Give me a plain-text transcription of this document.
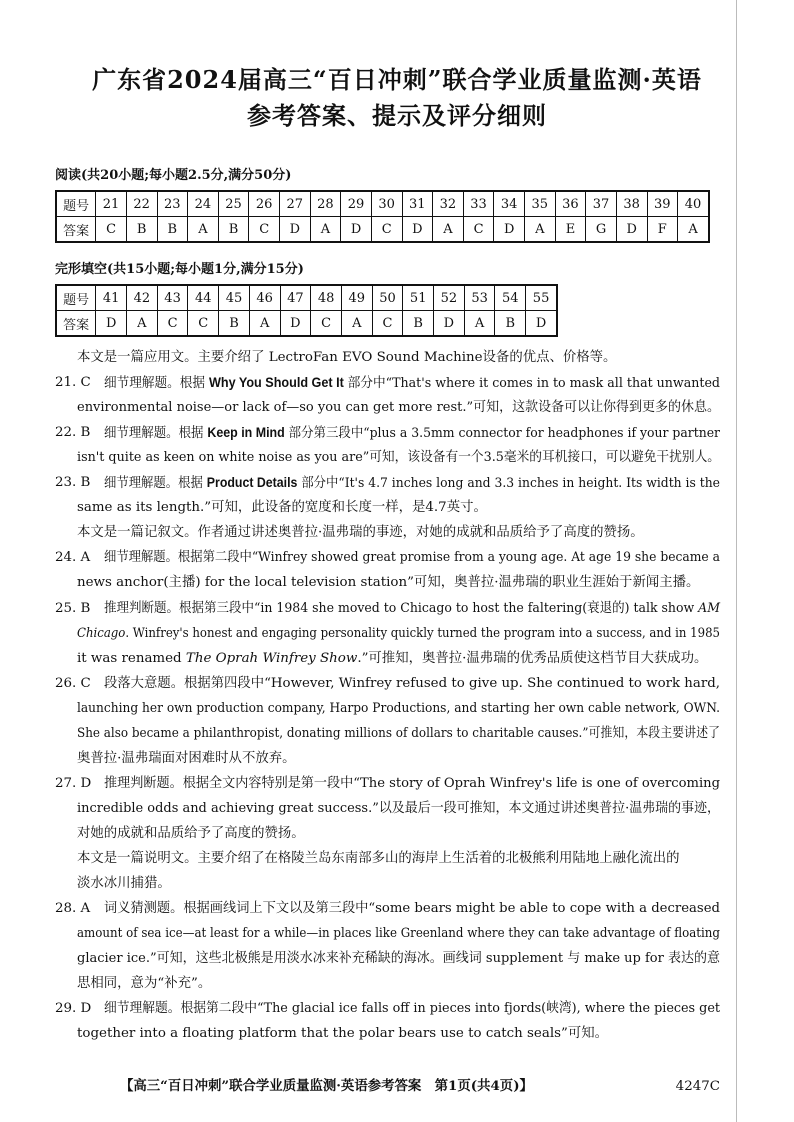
广东省2024届高三“百日冲刺”联合学业质量监测·英语
参考答案、提示及评分细则
阅读(共20小题;每小题2.5分,满分50分)
题号	21	22	23	24	25	26	27	28	29	30	31	32	33	34	35	36	37	38	39	40
答案	C	B	B	A	B	C	D	A	D	C	D	A	C	D	A	E	G	D	F	A
完形填空(共15小题;每小题1分,满分15分)
题号	41	42	43	44	45	46	47	48	49	50	51	52	53	54	55
答案	D	A	C	C	B	A	D	C	A	C	B	D	A	B	D
本文是一篇应用文。主要介绍了 LectroFan EVO Sound Machine设备的优点、价格等。
21. C 细节理解题。根据 Why You Should Get It 部分中“That's where it comes in to mask all that unwanted
environmental noise—or lack of—so you can get more rest.”可知，这款设备可以让你得到更多的休息。
22. B 细节理解题。根据 Keep in Mind 部分第三段中“plus a 3.5mm connector for headphones if your partner
isn't quite as keen on white noise as you are”可知，该设备有一个3.5毫米的耳机接口，可以避免干扰别人。
23. B 细节理解题。根据 Product Details 部分中“It's 4.7 inches long and 3.3 inches in height. Its width is the
same as its length.”可知，此设备的宽度和长度一样，是4.7英寸。
本文是一篇记叙文。作者通过讲述奥普拉·温弗瑞的事迹，对她的成就和品质给予了高度的赞扬。
24. A 细节理解题。根据第二段中“Winfrey showed great promise from a young age. At age 19 she became a
news anchor(主播) for the local television station”可知，奥普拉·温弗瑞的职业生涯始于新闻主播。
25. B 推理判断题。根据第三段中“in 1984 she moved to Chicago to host the faltering(衰退的) talk show AM
Chicago. Winfrey's honest and engaging personality quickly turned the program into a success, and in 1985
it was renamed The Oprah Winfrey Show.”可推知，奥普拉·温弗瑞的优秀品质使这档节目大获成功。
26. C 段落大意题。根据第四段中“However, Winfrey refused to give up. She continued to work hard,
launching her own production company, Harpo Productions, and starting her own cable network, OWN.
She also became a philanthropist, donating millions of dollars to charitable causes.”可推知，本段主要讲述了
奥普拉·温弗瑞面对困难时从不放弃。
27. D 推理判断题。根据全文内容特别是第一段中“The story of Oprah Winfrey's life is one of overcoming
incredible odds and achieving great success.”以及最后一段可推知，本文通过讲述奥普拉·温弗瑞的事迹，
对她的成就和品质给予了高度的赞扬。
本文是一篇说明文。主要介绍了在格陵兰岛东南部多山的海岸上生活着的北极熊利用陆地上融化流出的
淡水冰川捕猎。
28. A 词义猜测题。根据画线词上下文以及第三段中“some bears might be able to cope with a decreased
amount of sea ice—at least for a while—in places like Greenland where they can take advantage of floating
glacier ice.”可知，这些北极熊是用淡水冰来补充稀缺的海冰。画线词 supplement 与 make up for 表达的意
思相同，意为“补充”。
29. D 细节理解题。根据第二段中“The glacial ice falls off in pieces into fjords(峡湾), where the pieces get
together into a floating platform that the polar bears use to catch seals”可知。
【高三“百日冲刺”联合学业质量监测·英语参考答案　第1页(共4页)】	4247C
